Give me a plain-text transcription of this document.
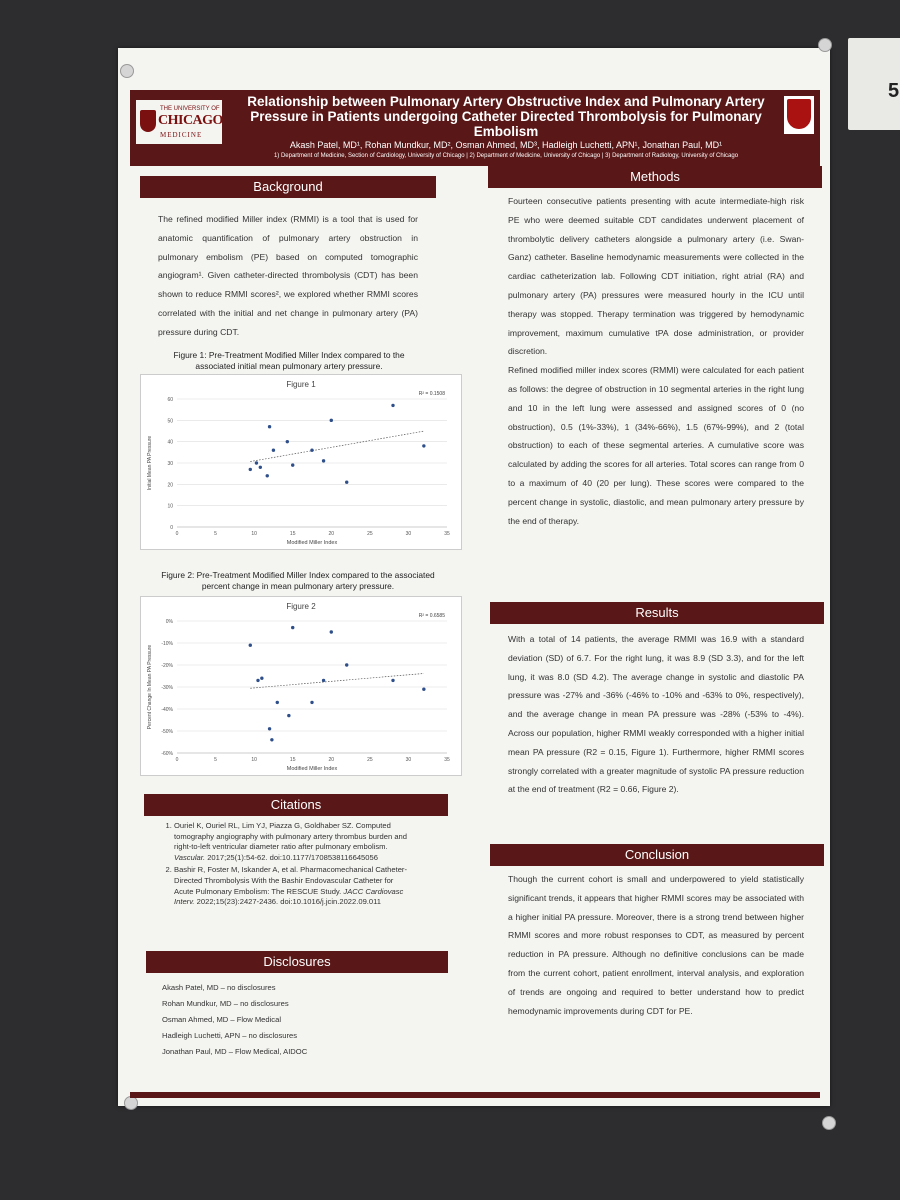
5
THE UNIVERSITY OF
CHICAGO
MEDICINE
Relationship between Pulmonary Artery Obstructive Index and Pulmonary Artery Pressure in Patients undergoing Catheter Directed Thrombolysis for Pulmonary Embolism
Akash Patel, MD¹, Rohan Mundkur, MD², Osman Ahmed, MD³, Hadleigh Luchetti, APN¹, Jonathan Paul, MD¹
1) Department of Medicine, Section of Cardiology, University of Chicago | 2) Department of Medicine, University of Chicago | 3) Department of Radiology, University of Chicago
Background

The refined modified Miller index (RMMI) is a tool that is used for anatomic quantification of pulmonary artery obstruction in pulmonary embolism (PE) based on computed tomographic angiogram¹. Given catheter-directed thrombolysis (CDT) has been shown to reduce RMMI scores², we explored whether RMMI scores correlated with the initial and net change in pulmonary artery (PA) pressure during CDT.

Figure 1: Pre-Treatment Modified Miller Index compared to the associated initial mean pulmonary artery pressure.
Figure 1
R² = 0.1508
0
10
20
30
40
50
60
0	5	10	15	20	25	30	35
Modified Miller Index
Initial Mean PA Pressure
Figure 2: Pre-Treatment Modified Miller Index compared to the associated percent change in mean pulmonary artery pressure.
Figure 2
R² = 0.6585
0%
-10%
-20%
-30%
-40%
-50%
-60%
0	5	10	15	20	25	30	35
Modified Miller Index
Percent Change In Mean PA Pressure
Citations
1. Ouriel K, Ouriel RL, Lim YJ, Piazza G, Goldhaber SZ. Computed tomography angiography with pulmonary artery thrombus burden and right-to-left ventricular diameter ratio after pulmonary embolism. Vascular. 2017;25(1):54-62. doi:10.1177/1708538116645056
2. Bashir R, Foster M, Iskander A, et al. Pharmacomechanical Catheter-Directed Thrombolysis With the Bashir Endovascular Catheter for Acute Pulmonary Embolism: The RESCUE Study. JACC Cardiovasc Interv. 2022;15(23):2427-2436. doi:10.1016/j.jcin.2022.09.011
Disclosures
Akash Patel, MD – no disclosures
Rohan Mundkur, MD – no disclosures
Osman Ahmed, MD – Flow Medical
Hadleigh Luchetti, APN – no disclosures
Jonathan Paul, MD – Flow Medical, AIDOC
Methods

Fourteen consecutive patients presenting with acute intermediate-high risk PE who were deemed suitable CDT candidates underwent placement of thrombolytic delivery catheters alongside a pulmonary artery (i.e. Swan-Ganz) catheter. Baseline hemodynamic measurements were collected in the cardiac catheterization lab. Following CDT initiation, right atrial (RA) and pulmonary artery (PA) pressures were measured hourly in the ICU until therapy was stopped. Therapy termination was triggered by hemodynamic improvement, maximum cumulative tPA dose administration, or provider discretion.

Refined modified miller index scores (RMMI) were calculated for each patient as follows: the degree of obstruction in 10 segmental arteries in the right lung and 10 in the left lung were assessed and assigned scores of 0 (no obstruction), 0.5 (1%-33%), 1 (34%-66%), 1.5 (67%-99%), and 2 (total obstruction) to each of these segmental arteries. A cumulative score was calculated by adding the scores for all arteries. Total scores can range from 0 to a maximum of 40 (20 per lung). These scores were compared to the percent change in systolic, diastolic, and mean pulmonary artery pressure by the end of therapy.

Results

With a total of 14 patients, the average RMMI was 16.9 with a standard deviation (SD) of 6.7. For the right lung, it was 8.9 (SD 3.3), and for the left lung, it was 8.0 (SD 4.2). The average change in systolic and diastolic PA pressure was -27% and -36% (-46% to -10% and -63% to 0%, respectively), and the average change in mean PA pressure was -28% (-53% to -4%). Across our population, higher RMMI weakly corresponded with a higher initial mean PA pressure (R2 = 0.15, Figure 1). Furthermore, higher RMMI scores strongly correlated with a greater magnitude of systolic PA pressure reduction at the end of treatment (R2 = 0.66, Figure 2).

Conclusion

Though the current cohort is small and underpowered to yield statistically significant trends, it appears that higher RMMI scores may be associated with a higher initial PA pressure. Moreover, there is a strong trend between higher RMMI scores and more robust responses to CDT, as measured by percent reduction in PA pressure. Although no definitive conclusions can be made from the current cohort, patient enrollment, interval analysis, and exploration of trends are ongoing and required to better understand how to predict hemodynamic improvements during CDT for PE.
